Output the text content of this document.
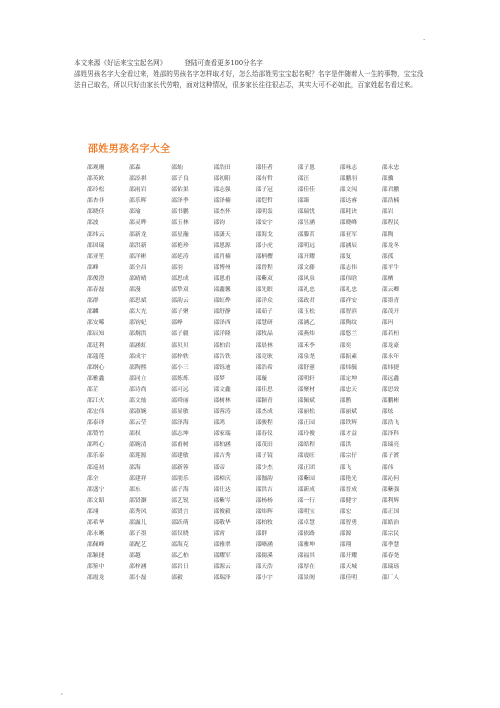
·

本文来源《好运来宝宝起名网》	登陆可查看更多100分名字

邵姓男孩名字大全看过来，姓邵的男孩名字怎样取才好，怎么给邵姓男宝宝起名呢？名字是伴随着人一生的事物，宝宝没法自己取名，所以只好由家长代劳啦，面对这种情况，很多家长往往很忐忑，其实大可不必如此，百家姓起名看过来。

邵姓男孩名字大全
邵观珊	邵森	邵灿	邵浩田	邵佳者	邵子恩	邵咏志	邵永忠
邵英欧	邵添祺	邵子良	邵初阳	邵有哲	邵汪	邵鹏羽	邵骥
邵玲松	邵雨岩	邵佑果	邵志强	邵子冠	邵佳佳	邵文闯	邵君鹏
邵杏非	邵乐晖	邵泽季	邵泽楠	邵恺哲	邵臻	邵达睿	邵浩楠
邵晓佳	邵瑜	邵书鹏	邵杰怀	邵明轰	邵瑞忧	邵耗诀	邵岩
邵波	邵灵晔	邵玉林	邵钧	邵安宇	邵昱涵	邵晓峰	邵程民
邵炜云	邵新龙	邵星瀚	邵潇天	邵海戈	邵滕茗	邵亚军	邵陶
邵国瑞	邵洪新	邵艳珍	邵恩源	邵小虎	邵明远	邵涵辰	邵龙冬
邵亚笙	邵洋彬	邵延涛	邵肖楠	邵柄樱	邵开耀	邵复	邵孤
邵峰	邵全昌	邵羽	邵博州	邵曾程	邵文藤	邵志伟	邵平牛
邵俊澄	邵晴晴	邵思成	邵恩甫	邵紫双	邵风泉	邵伟晗	邵栖
邵春磊	邵漫	邵挚双	邵鑫馨	邵先眠	邵礼忠	邵礼忠	邵云卿
邵群	邵思斌	邵韵云	邵虹烨	邵洋众	邵政君	邵祥安	邵墨青
邵麟	邵大光	邵子聚	邵舒静	邵茹子	邵玉松	邵智滨	邵茂开
邵安晞	邵钧妃	邵峥	邵泽西	邵慧研	邵涵乙	邵陶纹	邵玛
邵辰知	邵炯洪	邵子疆	邵洋隆	邵牧晶	邵燕炜	邵悠兰	邵若桓
邵廷利	邵涵虹	邵贝贝	邵柏岩	邵晨林	邵禾李	邵奕	邵龙豪
邵蔻莲	邵成宇	邵梓轶	邵告铁	邵竞耿	邵泉尧	邵振素	邵永年
邵纲心	邵陶熙	邵小三	邵铄迪	邵浩希	邵舒蕙	邵炜毓	邵炜捷
邵雅鑫	邵同立	邵炼炼	邵梦	邵璇	邵明轩	邵定坤	邵远鑫
邵芷	邵诗尚	邵可远	邵文鑫	邵佳思	邵聚材	邵忠天	邵思效
邵江火	邵文灿	邵舜丽	邵树林	邵颖青	邵佩斌	邵鹊	邵鹏彬
邵宏伟	邵淑婉	邵显敏	邵蓉涛	邵杰成	邵丽松	邵丽斌	邵炫
邵泰译	邵云莹	邵泽海	邵鸿	邵骏程	邵正园	邵铁辉	邵浩飞
邵赞竹	邵权	邵志坤	邵家瑞	邵春仪	邵玲俊	邵才益	邵泽科
邵鸣心	邵婉清	邵甫树	邵柏涵	邵茂田	邵皓程	邵洪	邵瑞亮
邵乐泰	邵莲源	邵建敏	邵吉秀	邵子镜	邵震旺	邵宗仔	邵子渡
邵巡初	邵海	邵新蓉	邵帝	邵少杰	邵正团	邵飞	邵伟
邵全	邵建祥	邵朋乐	邵樟庆	邵伽韵	邵紫园	邵艳光	邵沁何
邵盛宁	邵东	邵子海	邵仕达	邵洪吉	邵新成	邵晋成	邵紫强
邵文昭	邵贤灏	邵艺锐	邵紫岑	邵杨杨	邵一行	邵健宇	邵利辉
邵翊	邵秀风	邵贤言	邵俊毅	邵炜辉	邵明宝	邵宏	邵正国
邵希华	邵露儿	邵跃萌	邵敬华	邵柏牧	邵卓慧	邵智勇	邵皓治
邵永晰	邵子墨	邵仅晓	邵霄	邵群	邵依路	邵源	邵宗民
邵佩峰	邵配艺	邵海克	邵雅翠	邵晰涵	邵雅坤	邵翔	邵季慧
邵颖捷	邵越	邵乙柏	邵耀军	邵揚溪	邵福其	邵开耀	邵春尧
邵鉴中	邵梓涵	邵岩日	邵源云	邵天浩	邵厚在	邵天城	邵瑞瑶
邵霞龙	邵小磊	邵毅	邵瑞泽	邵小宇	邵景阁	邵佳明	邵厂人
¸
